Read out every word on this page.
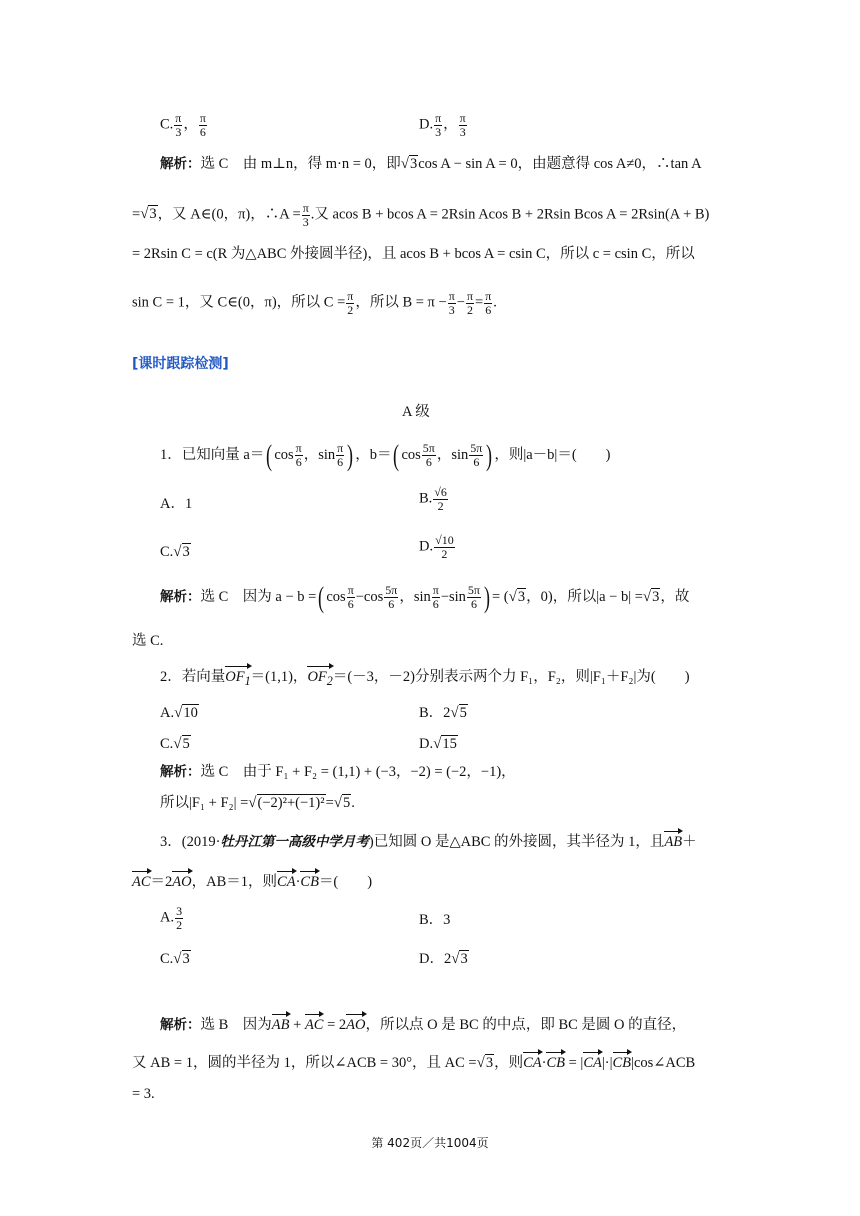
C. $\frac{\pi}{3}$ ， $\frac{\pi}{6}$	D. $\frac{\pi}{3}$ ， $\frac{\pi}{3}$
解析：选 C　 由 m⊥n，得 m·n = 0，即√3cos A − sin A = 0，由题意得 cos A≠0，∴tan A
=√3，又 A∈(0，π)，∴A = $\frac{\pi}{3}$ .又 acos B + bcos A = 2Rsin Acos B + 2Rsin Bcos A = 2Rsin(A + B)
= 2Rsin C = c(R 为△ABC 外接圆半径)，且 acos B + bcos A = csin C，所以 c = csin C，所以
sin C = 1，又 C∈(0，π)，所以 $C = \frac{\pi}{2}$ ，所以 $B = \pi - \frac{\pi}{3} - \frac{\pi}{2} = \frac{\pi}{6}$ .
[课时跟踪检测]
A 级
1．已知向量 a＝( $\cos \frac{\pi}{6}$ ，$\sin \frac{\pi}{6}$ ) ，b＝( $\cos \frac{5\pi}{6}$ ，$\sin \frac{5\pi}{6}$ ) ，则|a－b|＝(　　)
A．1	B. $\frac{√6}{2}$
C.√3	D. $\frac{√10}{2}$
解析：选 C　因为 a − b =( $\cos \frac{\pi}{6} -\cos \frac{5\pi}{6}$ ，$\sin \frac{\pi}{6} -\sin \frac{5\pi}{6}$ ) = (√3，0)，所以|a − b| =√3，故
选 C.
2．若向量$OF_1=(1,1)$，$OF_2=(-3$，－2)分别表示两个力 F₁，F₂，则|F₁＋F₂|为(　　)
A.√10	B．2√5
C.√5	D.√15
解析：选 C　由于 F₁ + F₂ = (1,1) + (−3，−2) = (−2，−1)，
所以|F₁ + F₂| =√(−2)²+(−1)²=√5.
3．(2019·牡丹江第一高级中学月考)已知圆 O 是△ABC 的外接圆，其半径为 1，且AB＋
AC＝2AO，AB＝1，则CA·CB＝(　　)
A. $\frac{3}{2}$	B．3
C.√3	D．2√3
解析：选 B　因为AB + AC = 2AO，所以点 O 是 BC 的中点，即 BC 是圆 O 的直径，
又 AB = 1，圆的半径为 1，所以∠ACB = 30°，且 AC =√3，则CA·CB = |CA|·|CB|cos∠ACB
= 3.
第 402页／共1004页
